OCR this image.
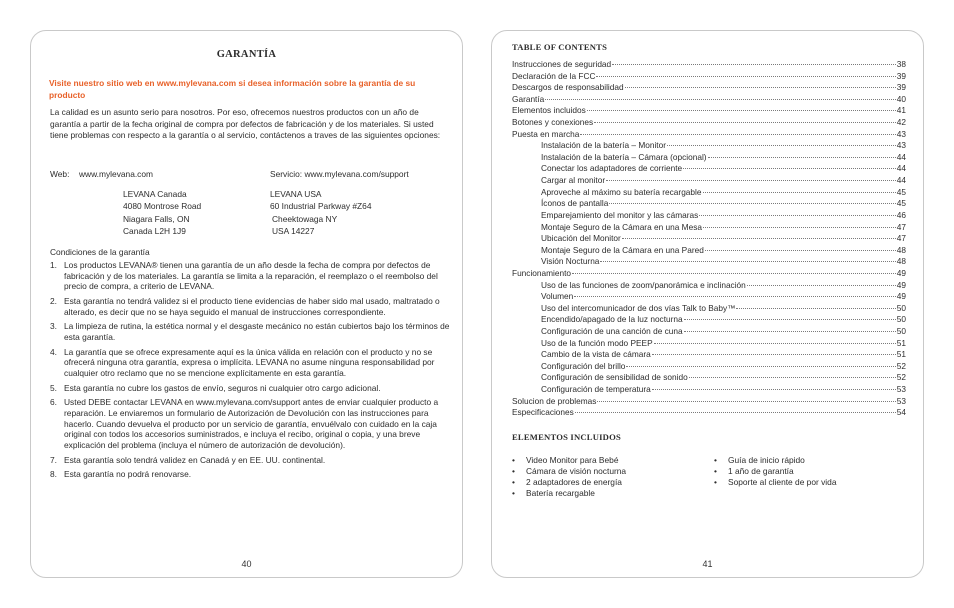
GARANTÍA
Visite nuestro sitio web en www.mylevana.com si desea información sobre la garantía de su producto
La calidad es un asunto serio para nosotros. Por eso, ofrecemos nuestros productos con un año de garantía a partir de la fecha original de compra por defectos de fabricación y de los materiales. Si usted tiene problemas con respecto a la garantía o al servicio, contáctenos a traves de las siguientes opciones:
Web: www.mylevana.com	Servicio: www.mylevana.com/support
LEVANA Canada
4080 Montrose Road
Niagara Falls, ON
Canada L2H 1J9
LEVANA USA
60 Industrial Parkway #Z64
Cheektowaga NY
USA 14227
Condiciones de la garantía
1. Los productos LEVANA® tienen una garantía de un año desde la fecha de compra por defectos de fabricación y de los materiales. La garantía se limita a la reparación, el reemplazo o el reembolso del precio de compra, a criterio de LEVANA.
2. Esta garantía no tendrá validez si el producto tiene evidencias de haber sido mal usado, maltratado o alterado, es decir que no se haya seguido el manual de instrucciones correspondiente.
3. La limpieza de rutina, la estética normal y el desgaste mecánico no están cubiertos bajo los términos de esta garantía.
4. La garantía que se ofrece expresamente aquí es la única válida en relación con el producto y no se ofrecerá ninguna otra garantía, expresa o implícita. LEVANA no asume ninguna responsabilidad por cualquier otro reclamo que no se mencione explícitamente en esta garantía.
5. Esta garantía no cubre los gastos de envío, seguros ni cualquier otro cargo adicional.
6. Usted DEBE contactar LEVANA en www.mylevana.com/support antes de enviar cualquier producto a reparación. Le enviaremos un formulario de Autorización de Devolución con las instrucciones para hacerlo. Cuando devuelva el producto por un servicio de garantía, envuélvalo con cuidado en la caja original con todos los accesorios suministrados, e incluya el recibo, original o copia, y una breve explicación del problema (incluya el número de autorización de devolución).
7. Esta garantía solo tendrá validez en Canadá y en EE. UU. continental.
8. Esta garantía no podrá renovarse.
40
TABLE OF CONTENTS
Instrucciones de seguridad	38
Declaración de la FCC	39
Descargos de responsabilidad	39
Garantía	40
Elementos incluidos	41
Botones y conexiones	42
Puesta en marcha	43
Instalación de la batería – Monitor	43
Instalación de la batería – Cámara (opcional)	44
Conectar los adaptadores de corriente	44
Cargar al monitor	44
Aproveche al máximo su batería recargable	45
Íconos de pantalla	45
Emparejamiento del monitor y las cámaras	46
Montaje Seguro de la Cámara en una Mesa	47
Ubicación del Monitor	47
Montaje Seguro de la Cámara en una Pared	48
Visión Nocturna	48
Funcionamiento	49
Uso de las funciones de zoom/panorámica e inclinación	49
Volumen	49
Uso del intercomunicador de dos vías Talk to Baby™	50
Encendido/apagado de la luz nocturna	50
Configuración de una canción de cuna	50
Uso de la función modo PEEP	51
Cambio de la vista de cámara	51
Configuración del brillo	52
Configuración de sensibilidad de sonido	52
Configuración de temperatura	53
Solucion de problemas	53
Especificaciones	54
ELEMENTOS INCLUIDOS
•	Video Monitor para Bebé
•	Cámara de visión nocturna
•	2 adaptadores de energía
•	Batería recargable
•	Guía de inicio rápido
•	1 año de garantía
•	Soporte al cliente de por vida
41
